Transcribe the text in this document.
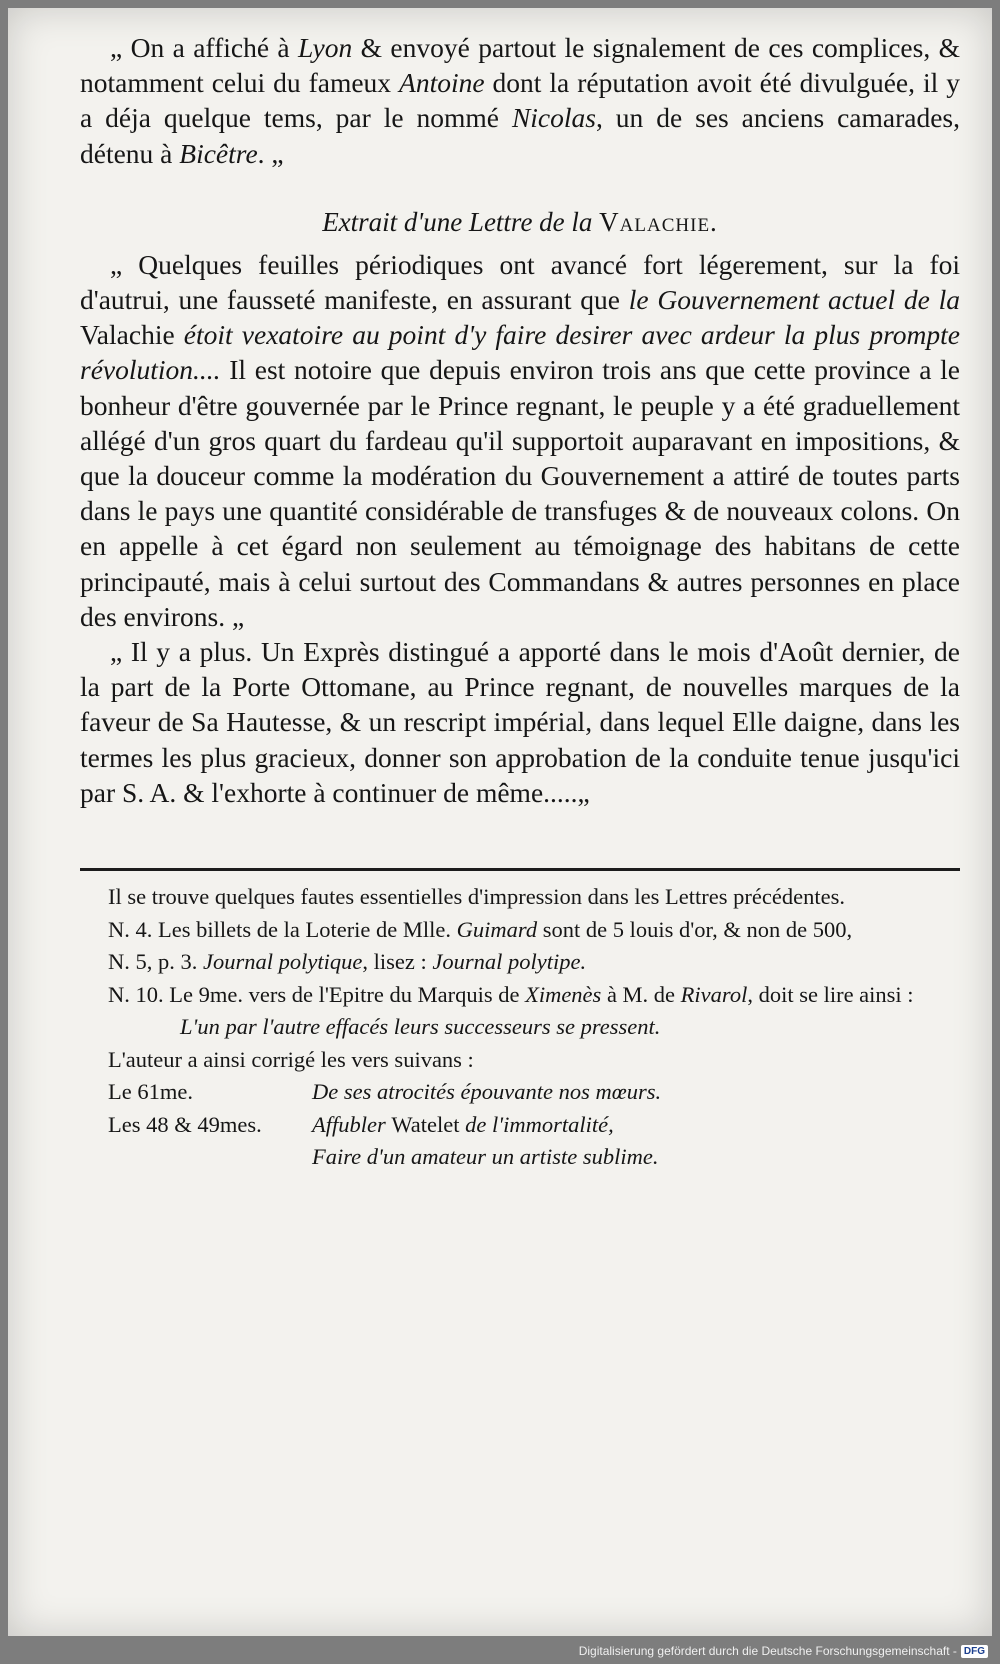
„ On a affiché à Lyon & envoyé partout le signalement de ces complices, & notamment celui du fameux Antoine dont la réputation avoit été divulguée, il y a déja quelque tems, par le nommé Nicolas, un de ses anciens camarades, détenu à Bicêtre. „

Extrait d'une Lettre de la Valachie.

„ Quelques feuilles périodiques ont avancé fort légerement, sur la foi d'autrui, une fausseté manifeste, en assurant que le Gouvernement actuel de la Valachie étoit vexatoire au point d'y faire desirer avec ardeur la plus prompte révolution.... Il est notoire que depuis environ trois ans que cette province a le bonheur d'être gouvernée par le Prince regnant, le peuple y a été graduellement allégé d'un gros quart du fardeau qu'il supportoit auparavant en impositions, & que la douceur comme la modération du Gouvernement a attiré de toutes parts dans le pays une quantité considérable de transfuges & de nouveaux colons. On en appelle à cet égard non seulement au témoignage des habitans de cette principauté, mais à celui surtout des Commandans & autres personnes en place des environs. „

„ Il y a plus. Un Exprès distingué a apporté dans le mois d'Août dernier, de la part de la Porte Ottomane, au Prince regnant, de nouvelles marques de la faveur de Sa Hautesse, & un rescript impérial, dans lequel Elle daigne, dans les termes les plus gracieux, donner son approbation de la conduite tenue jusqu'ici par S. A. & l'exhorte à continuer de même.....„

Il se trouve quelques fautes essentielles d'impression dans les Lettres précédentes.

N. 4. Les billets de la Loterie de Mlle. Guimard sont de 5 louis d'or, & non de 500,

N. 5, p. 3. Journal polytique, lisez : Journal polytipe.

N. 10. Le 9me. vers de l'Epitre du Marquis de Ximenès à M. de Rivarol, doit se lire ainsi :

L'un par l'autre effacés leurs successeurs se pressent.

L'auteur a ainsi corrigé les vers suivans :

Le 61me.	De ses atrocités épouvante nos mœurs.

Les 48 & 49mes.	Affubler Watelet de l'immortalité,

Faire d'un amateur un artiste sublime.

Digitalisierung gefördert durch die Deutsche Forschungsgemeinschaft - DFG
